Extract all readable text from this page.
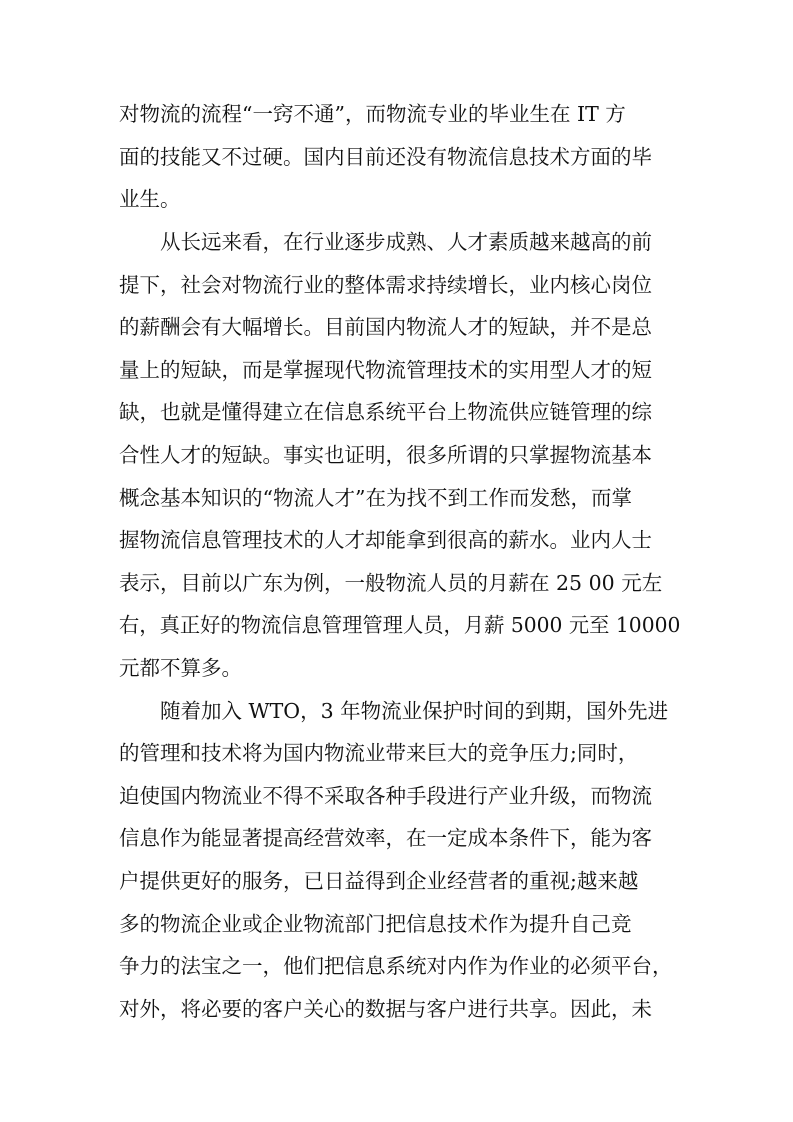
对物流的流程“一窍不通”，而物流专业的毕业生在 IT 方
面的技能又不过硬。国内目前还没有物流信息技术方面的毕
业生。
从长远来看，在行业逐步成熟、人才素质越来越高的前
提下，社会对物流行业的整体需求持续增长，业内核心岗位
的薪酬会有大幅增长。目前国内物流人才的短缺，并不是总
量上的短缺，而是掌握现代物流管理技术的实用型人才的短
缺，也就是懂得建立在信息系统平台上物流供应链管理的综
合性人才的短缺。事实也证明，很多所谓的只掌握物流基本
概念基本知识的“物流人才”在为找不到工作而发愁，而掌
握物流信息管理技术的人才却能拿到很高的薪水。业内人士
表示，目前以广东为例，一般物流人员的月薪在 25 00 元左
右，真正好的物流信息管理管理人员，月薪 5000 元至 10000
元都不算多。
随着加入 WTO，3 年物流业保护时间的到期，国外先进
的管理和技术将为国内物流业带来巨大的竞争压力;同时，
迫使国内物流业不得不采取各种手段进行产业升级，而物流
信息作为能显著提高经营效率，在一定成本条件下，能为客
户提供更好的服务，已日益得到企业经营者的重视;越来越
多的物流企业或企业物流部门把信息技术作为提升自己竞
争力的法宝之一，他们把信息系统对内作为作业的必须平台，
对外，将必要的客户关心的数据与客户进行共享。因此，未
